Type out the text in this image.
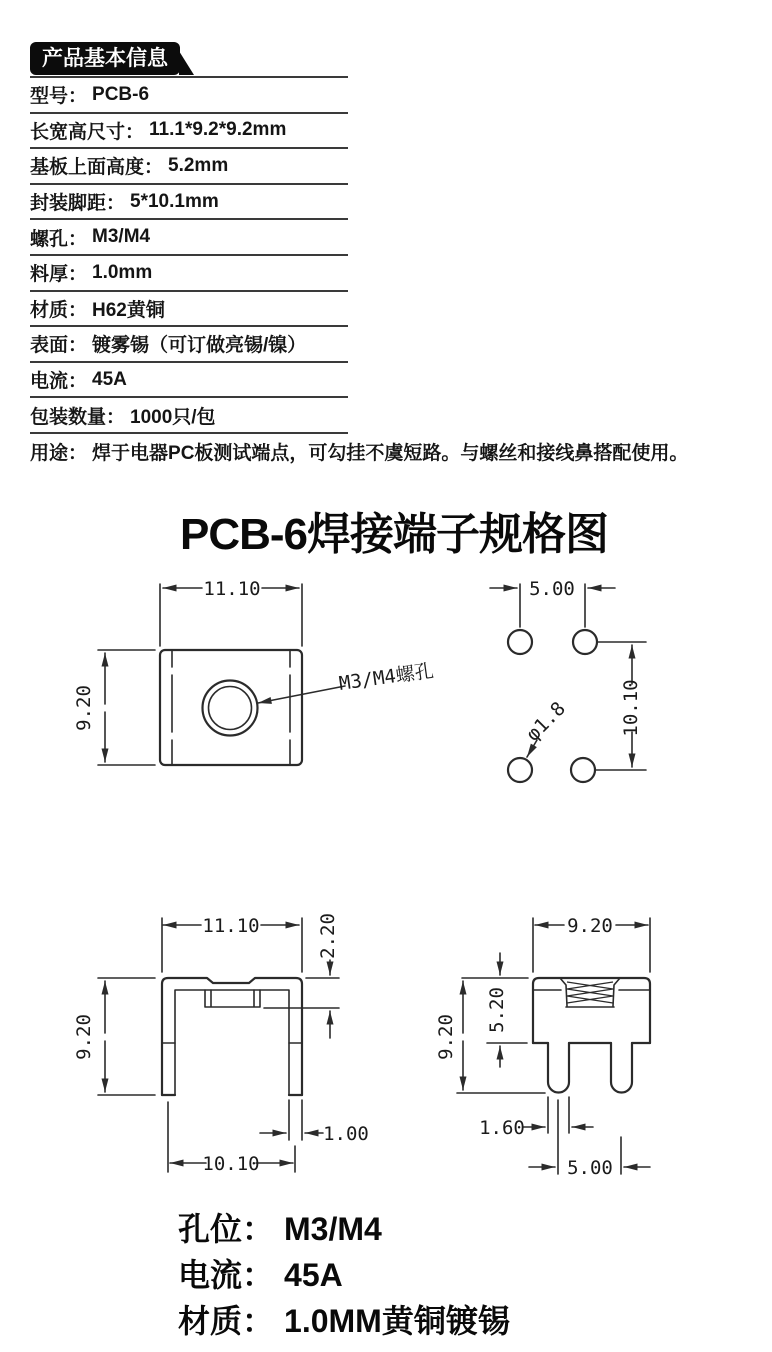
产品基本信息
型号： PCB-6
长宽高尺寸： 11.1*9.2*9.2mm
基板上面高度： 5.2mm
封装脚距： 5*10.1mm
螺孔： M3/M4
料厚： 1.0mm
材质： H62黄铜
表面： 镀雾锡（可订做亮锡/镍）
电流： 45A
包装数量： 1000只/包
用途： 焊于电器PC板测试端点，可勾挂不虞短路。与螺丝和接线鼻搭配使用。
PCB-6焊接端子规格图
11.10
9.20
M3/M4螺孔
5.00
10.10
φ1.8
11.10
9.20
2.20
1.00
10.10
9.20
5.20
9.20
1.60
5.00
孔位： M3/M4
电流： 45A
材质： 1.0MM黄铜镀锡
